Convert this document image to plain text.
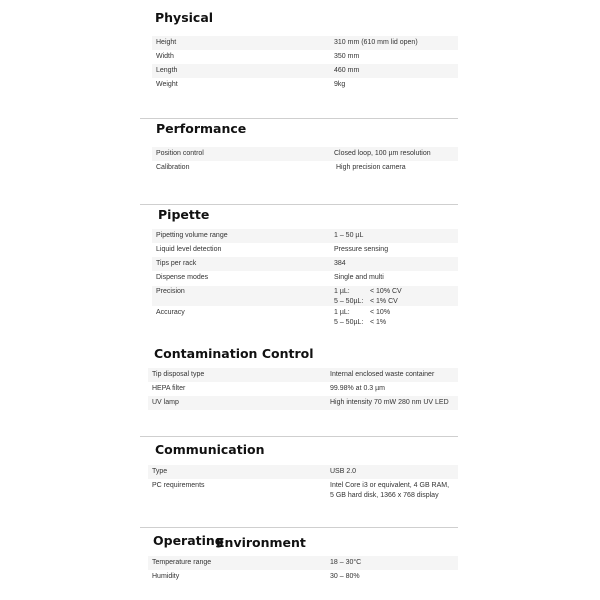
Physical
Height	310 mm (610 mm lid open)
Width	350 mm
Length	460 mm
Weight	9kg
Performance
Position control	Closed loop, 100 µm resolution
Calibration	High precision camera
Pipette
Pipetting volume range	1 – 50 µL
Liquid level detection	Pressure sensing
Tips per rack	384
Dispense modes	Single and multi
Precision	1 µL:	< 10% CV
5 – 50µL: < 1% CV
Accuracy	1 µL:	< 10%
5 – 50µL: < 1%
Contamination Control
Tip disposal type	Internal enclosed waste container
HEPA filter	99.98% at 0.3 µm
UV lamp	High intensity 70 mW 280 nm UV LED
Communication
Type	USB 2.0
PC requirements	Intel Core i3 or equivalent, 4 GB RAM,
5 GB hard disk, 1366 x 768 display
Operating
Environment
Temperature range	18 – 30°C
Humidity	30 – 80%
